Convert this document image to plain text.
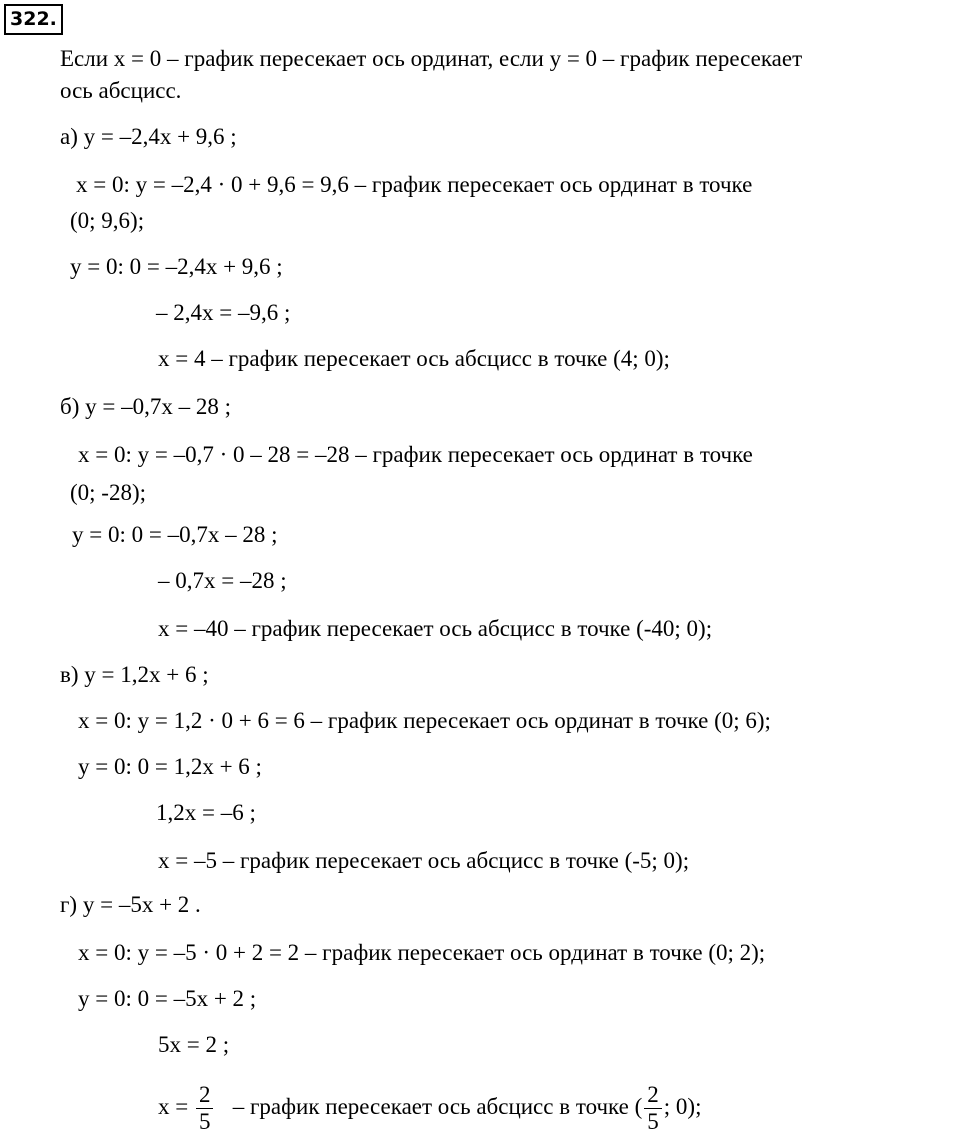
322.
Если x = 0 – график пересекает ось ординат, если y = 0 – график пересекает
ось абсцисс.
а) y = –2,4x + 9,6 ;
x = 0: y = –2,4 · 0 + 9,6 = 9,6 – график пересекает ось ординат в точке
(0; 9,6);
y = 0: 0 = –2,4x + 9,6 ;
– 2,4x = –9,6 ;
x = 4 – график пересекает ось абсцисс в точке (4; 0);
б) y = –0,7x – 28 ;
x = 0: y = –0,7 · 0 – 28 = –28 – график пересекает ось ординат в точке
(0; -28);
y = 0: 0 = –0,7x – 28 ;
– 0,7x = –28 ;
x = –40 – график пересекает ось абсцисс в точке (-40; 0);
в) y = 1,2x + 6 ;
x = 0: y = 1,2 · 0 + 6 = 6 – график пересекает ось ординат в точке (0; 6);
y = 0: 0 = 1,2x + 6 ;
1,2x = –6 ;
x = –5 – график пересекает ось абсцисс в точке (-5; 0);
г) y = –5x + 2 .
x = 0: y = –5 · 0 + 2 = 2 – график пересекает ось ординат в точке (0; 2);
y = 0: 0 = –5x + 2 ;
5x = 2 ;
$x = \frac{2}{5}$ – график пересекает ось абсцисс в точке ( $\frac{2}{5}$ ; 0);
